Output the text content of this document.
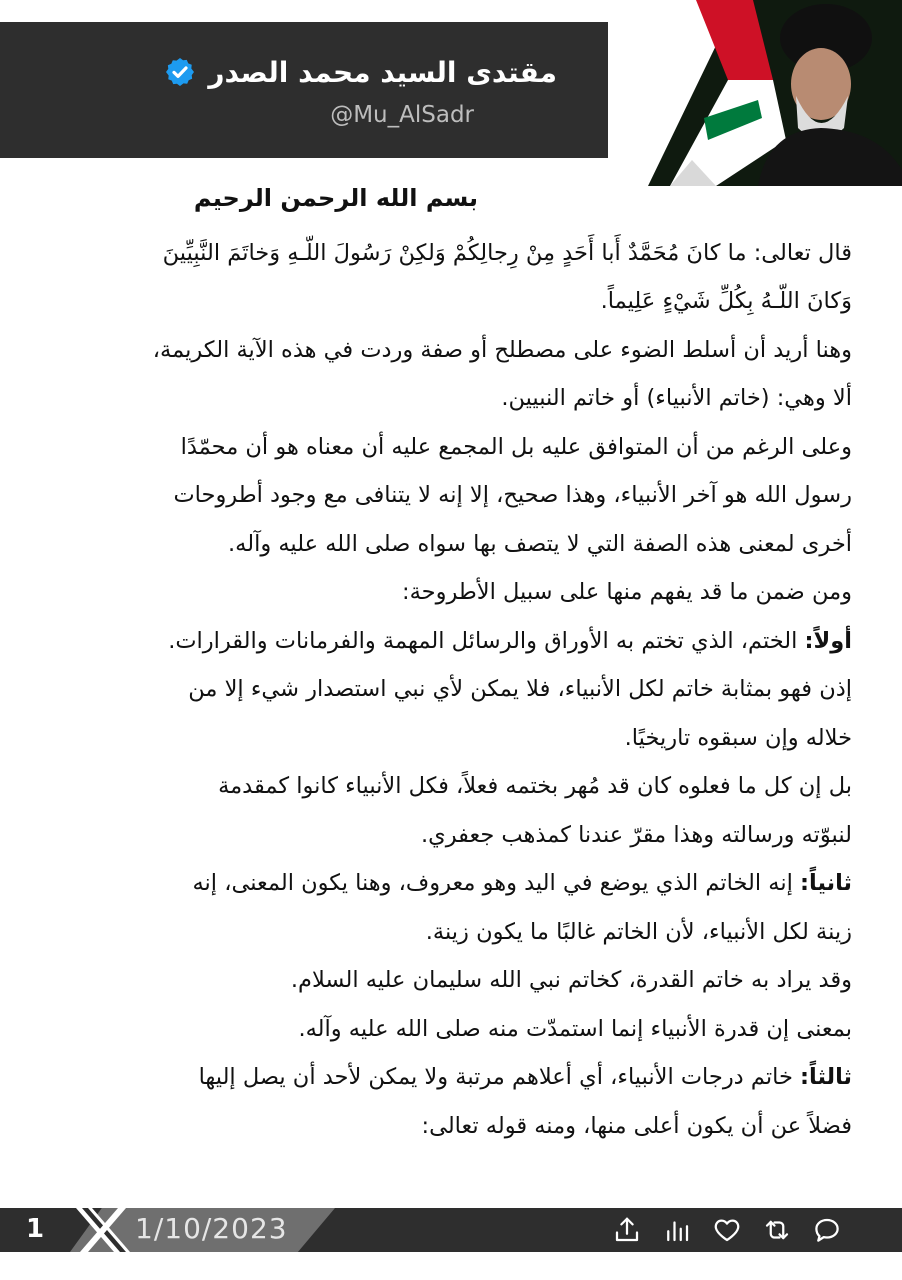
مقتدى السيد محمد الصدر
@Mu_AlSadr

بسم الله الرحمن الرحيم

قال تعالى: ما كانَ مُحَمَّدٌ أَبا أَحَدٍ مِنْ رِجالِكُمْ وَلكِنْ رَسُولَ اللّـهِ وَخاتَمَ النَّبِيِّينَ

وَكانَ اللّـهُ بِكُلِّ شَيْءٍ عَلِيماً.

وهنا أريد أن أسلط الضوء على مصطلح أو صفة وردت في هذه الآية الكريمة،

ألا وهي: (خاتم الأنبياء) أو خاتم النبيين.

وعلى الرغم من أن المتوافق عليه بل المجمع عليه أن معناه هو أن محمّدًا

رسول الله هو آخر الأنبياء، وهذا صحيح، إلا إنه لا يتنافى مع وجود أطروحات

أخرى لمعنى هذه الصفة التي لا يتصف بها سواه صلى الله عليه وآله.

ومن ضمن ما قد يفهم منها على سبيل الأطروحة:

أولاً: الختم، الذي تختم به الأوراق والرسائل المهمة والفرمانات والقرارات.

إذن فهو بمثابة خاتم لكل الأنبياء، فلا يمكن لأي نبي استصدار شيء إلا من

خلاله وإن سبقوه تاريخيًا.

بل إن كل ما فعلوه كان قد مُهر بختمه فعلاً، فكل الأنبياء كانوا كمقدمة

لنبوّته ورسالته وهذا مقرّ عندنا كمذهب جعفري.

ثانياً: إنه الخاتم الذي يوضع في اليد وهو معروف، وهنا يكون المعنى، إنه

زينة لكل الأنبياء، لأن الخاتم غالبًا ما يكون زينة.

وقد يراد به خاتم القدرة، كخاتم نبي الله سليمان عليه السلام.

بمعنى إن قدرة الأنبياء إنما استمدّت منه صلى الله عليه وآله.

ثالثاً: خاتم درجات الأنبياء، أي أعلاهم مرتبة ولا يمكن لأحد أن يصل إليها

فضلاً عن أن يكون أعلى منها، ومنه قوله تعالى:

1	1/10/2023
